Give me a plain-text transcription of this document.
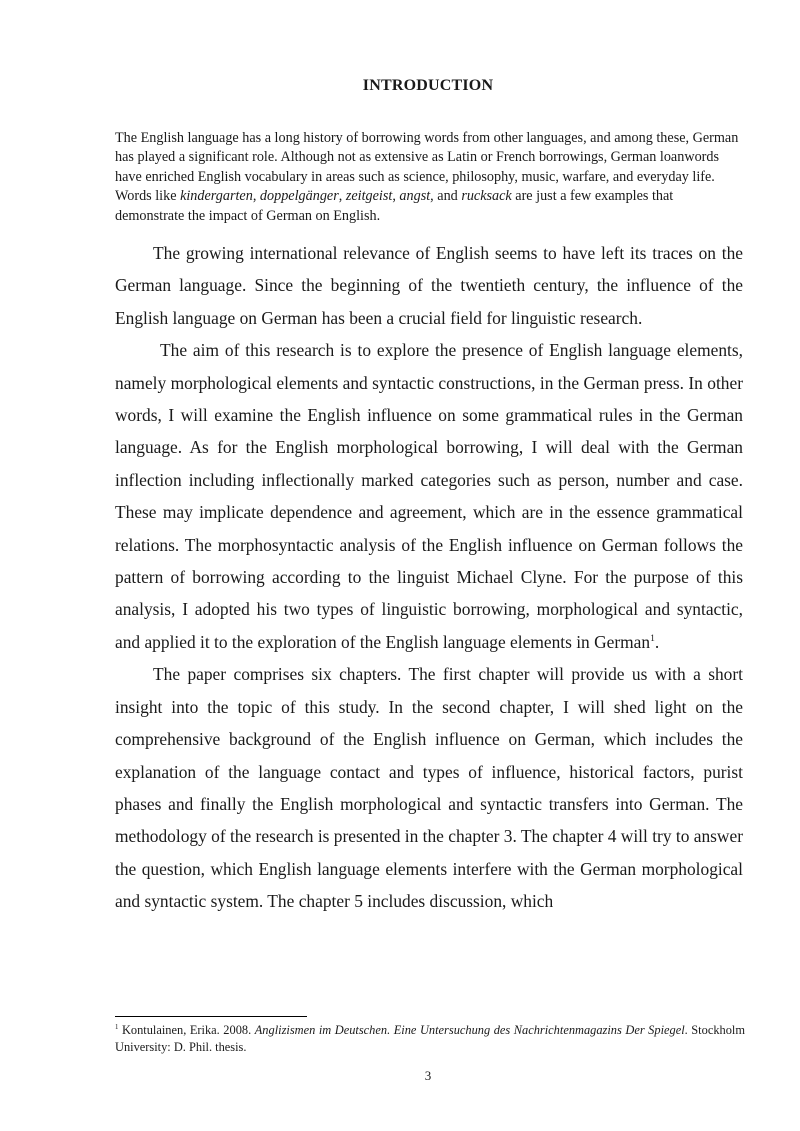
INTRODUCTION

The English language has a long history of borrowing words from other languages, and among these, German has played a significant role. Although not as extensive as Latin or French borrowings, German loanwords have enriched English vocabulary in areas such as science, philosophy, music, warfare, and everyday life. Words like kindergarten, doppelgänger, zeitgeist, angst, and rucksack are just a few examples that demonstrate the impact of German on English.

The growing international relevance of English seems to have left its traces on the German language. Since the beginning of the twentieth century, the influence of the English language on German has been a crucial field for linguistic research.

The aim of this research is to explore the presence of English language elements, namely morphological elements and syntactic constructions, in the German press. In other words, I will examine the English influence on some grammatical rules in the German language. As for the English morphological borrowing, I will deal with the German inflection including inflectionally marked categories such as person, number and case. These may implicate dependence and agreement, which are in the essence grammatical relations. The morphosyntactic analysis of the English influence on German follows the pattern of borrowing according to the linguist Michael Clyne. For the purpose of this analysis, I adopted his two types of linguistic borrowing, morphological and syntactic, and applied it to the exploration of the English language elements in German$^1$.

The paper comprises six chapters. The first chapter will provide us with a short insight into the topic of this study. In the second chapter, I will shed light on the comprehensive background of the English influence on German, which includes the explanation of the language contact and types of influence, historical factors, purist phases and finally the English morphological and syntactic transfers into German. The methodology of the research is presented in the chapter 3. The chapter 4 will try to answer the question, which English language elements interfere with the German morphological and syntactic system. The chapter 5 includes discussion, which

$^1$ Kontulainen, Erika. 2008. Anglizismen im Deutschen. Eine Untersuchung des Nachrichtenmagazins Der Spiegel. Stockholm University: D. Phil. thesis.

3
